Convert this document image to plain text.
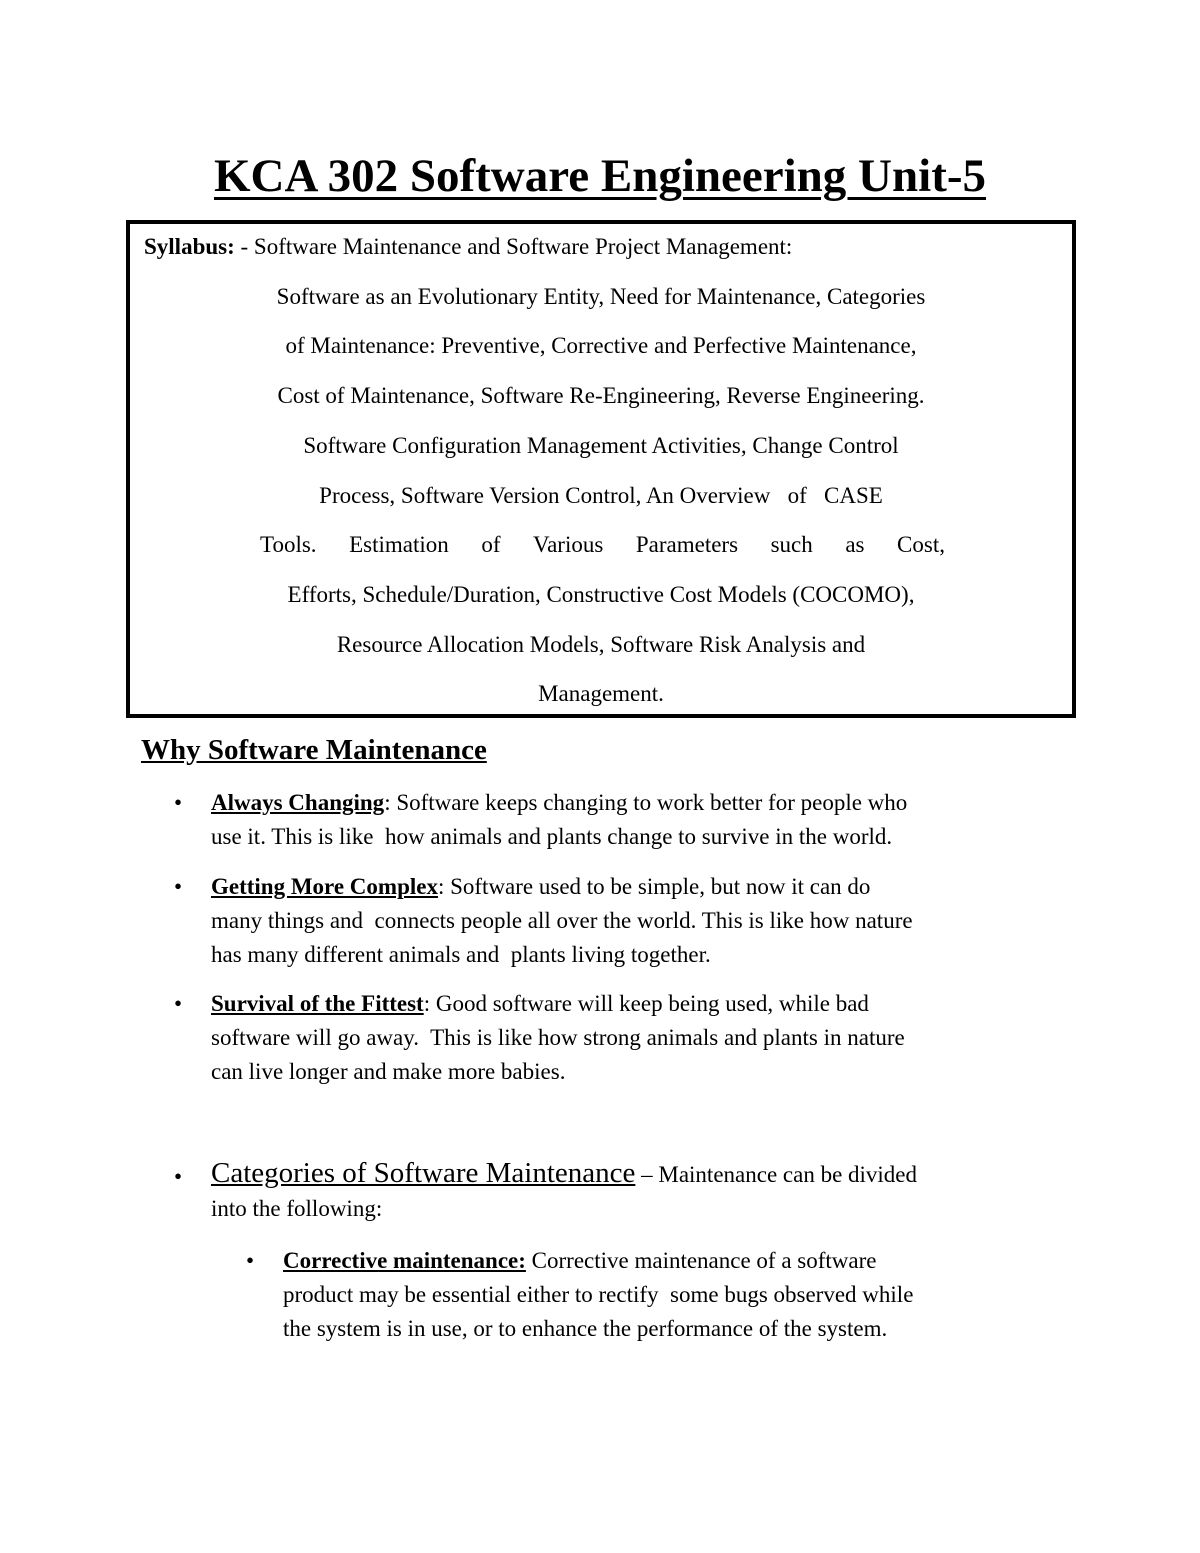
KCA 302 Software Engineering Unit-5
Syllabus: - Software Maintenance and Software Project Management:
Software as an Evolutionary Entity, Need for Maintenance, Categories
of Maintenance: Preventive, Corrective and Perfective Maintenance,
Cost of Maintenance, Software Re-Engineering, Reverse Engineering.
Software Configuration Management Activities, Change Control
Process, Software Version Control, An Overview   of   CASE
Tools. Estimation of Various Parameters such as Cost,
Efforts, Schedule/Duration, Constructive Cost Models (COCOMO),
Resource Allocation Models, Software Risk Analysis and
Management.
Why Software Maintenance
• Always Changing: Software keeps changing to work better for people who
use it. This is like  how animals and plants change to survive in the world.
• Getting More Complex: Software used to be simple, but now it can do
many things and  connects people all over the world. This is like how nature
has many different animals and  plants living together.
• Survival of the Fittest: Good software will keep being used, while bad
software will go away.  This is like how strong animals and plants in nature
can live longer and make more babies.
• Categories of Software Maintenance – Maintenance can be divided
into the following:
• Corrective maintenance: Corrective maintenance of a software
product may be essential either to rectify  some bugs observed while
the system is in use, or to enhance the performance of the system.
